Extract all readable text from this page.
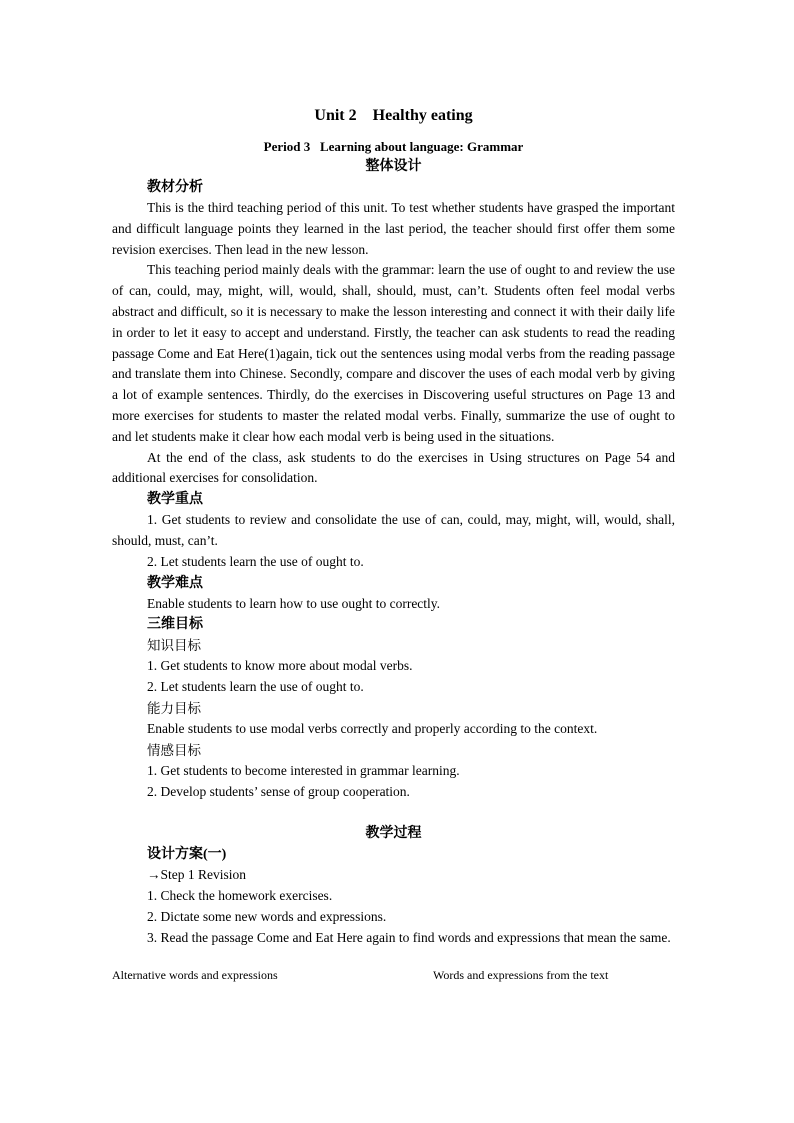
Unit 2    Healthy eating
Period 3   Learning about language: Grammar
整体设计
教材分析

This is the third teaching period of this unit. To test whether students have grasped the important and difficult language points they learned in the last period, the teacher should first offer them some revision exercises. Then lead in the new lesson.

This teaching period mainly deals with the grammar: learn the use of ought to and review the use of can, could, may, might, will, would, shall, should, must, can’t. Students often feel modal verbs abstract and difficult, so it is necessary to make the lesson interesting and connect it with their daily life in order to let it easy to accept and understand. Firstly, the teacher can ask students to read the reading passage Come and Eat Here(1)again, tick out the sentences using modal verbs from the reading passage and translate them into Chinese. Secondly, compare and discover the uses of each modal verb by giving a lot of example sentences. Thirdly, do the exercises in Discovering useful structures on Page 13 and more exercises for students to master the related modal verbs. Finally, summarize the use of ought to and let students make it clear how each modal verb is being used in the situations.

At the end of the class, ask students to do the exercises in Using structures on Page 54 and additional exercises for consolidation.

教学重点

1. Get students to review and consolidate the use of can, could, may, might, will, would, shall, should, must, can’t.

2. Let students learn the use of ought to.

教学难点

Enable students to learn how to use ought to correctly.

三维目标
知识目标

1. Get students to know more about modal verbs.

2. Let students learn the use of ought to.

能力目标

Enable students to use modal verbs correctly and properly according to the context.

情感目标

1. Get students to become interested in grammar learning.

2. Develop students’ sense of group cooperation.

教学过程
设计方案(一)

→Step 1 Revision

1. Check the homework exercises.

2. Dictate some new words and expressions.

3. Read the passage Come and Eat Here again to find words and expressions that mean the same.

Alternative words and expressions	Words and expressions from the text
